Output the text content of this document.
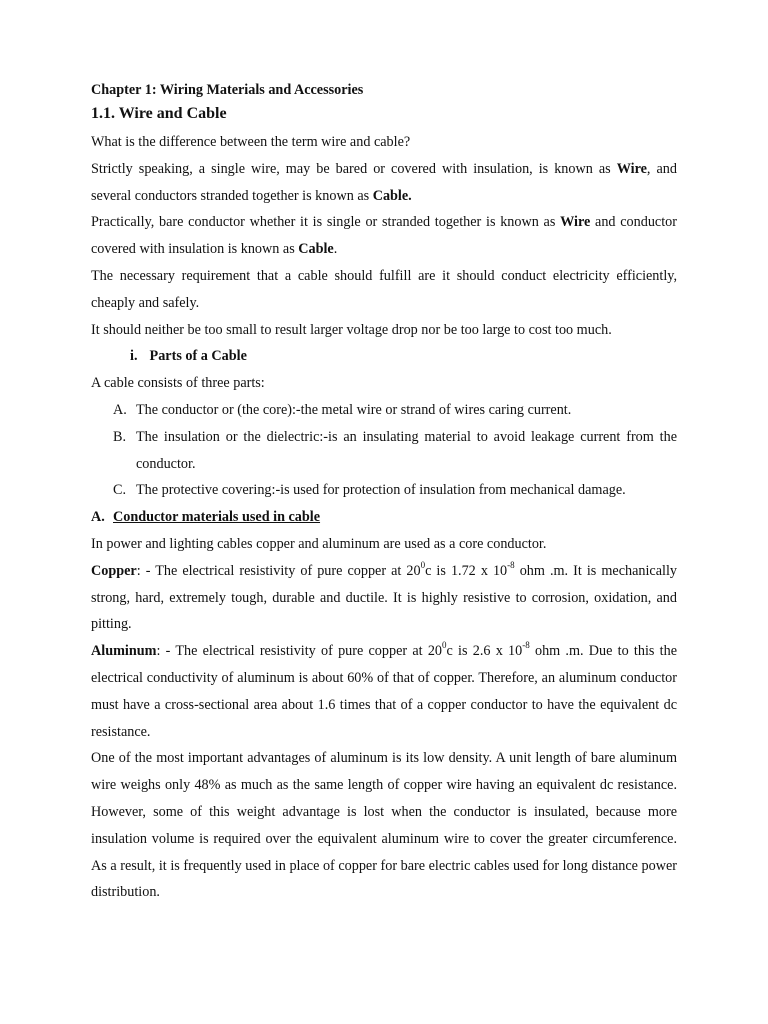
Chapter 1: Wiring Materials and Accessories

1.1. Wire and Cable

What is the difference between the term wire and cable?

Strictly speaking, a single wire, may be bared or covered with insulation, is known as Wire, and several conductors stranded together is known as Cable.

Practically, bare conductor whether it is single or stranded together is known as Wire and conductor covered with insulation is known as Cable.

The necessary requirement that a cable should fulfill are it should conduct electricity efficiently, cheaply and safely.

It should neither be too small to result larger voltage drop nor be too large to cost too much.

i. Parts of a Cable

A cable consists of three parts:

A. The conductor or (the core):-the metal wire or strand of wires caring current.
B. The insulation or the dielectric:-is an insulating material to avoid leakage current from the conductor.
C. The protective covering:-is used for protection of insulation from mechanical damage.

A. Conductor materials used in cable

In power and lighting cables copper and aluminum are used as a core conductor.

Copper: - The electrical resistivity of pure copper at $20^0c$ is 1.72 x $10^{-8}$ ohm .m. It is mechanically strong, hard, extremely tough, durable and ductile. It is highly resistive to corrosion, oxidation, and pitting.

Aluminum: - The electrical resistivity of pure copper at $20^0c$ is 2.6 x $10^{-8}$ ohm .m. Due to this the electrical conductivity of aluminum is about 60% of that of copper. Therefore, an aluminum conductor must have a cross-sectional area about 1.6 times that of a copper conductor to have the equivalent dc resistance.

One of the most important advantages of aluminum is its low density. A unit length of bare aluminum wire weighs only 48% as much as the same length of copper wire having an equivalent dc resistance. However, some of this weight advantage is lost when the conductor is insulated, because more insulation volume is required over the equivalent aluminum wire to cover the greater circumference. As a result, it is frequently used in place of copper for bare electric cables used for long distance power distribution.
